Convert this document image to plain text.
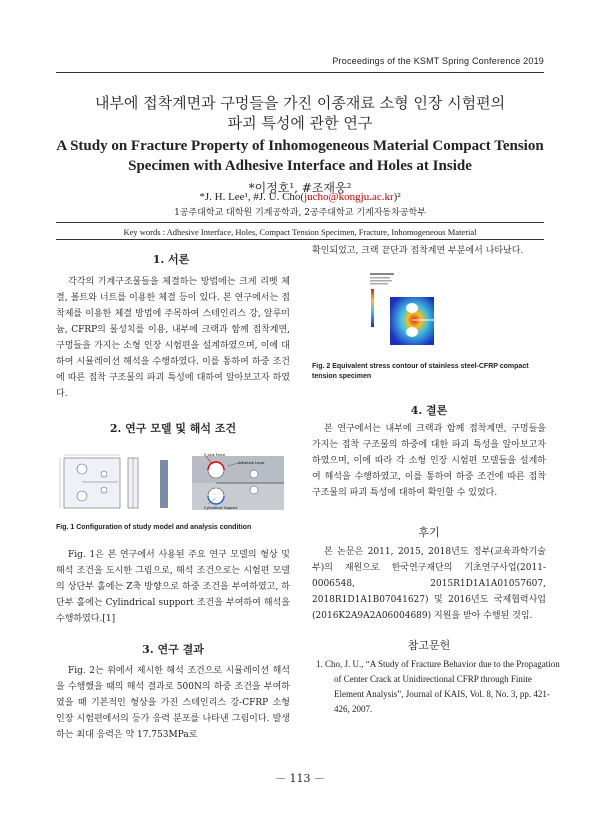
Proceedings of the KSMT Spring Conference 2019
내부에 접착계면과 구멍들을 가진 이종재료 소형 인장 시험편의
파괴 특성에 관한 연구
A Study on Fracture Property of Inhomogeneous Material Compact Tension
Specimen with Adhesive Interface and Holes at Inside
*이정호¹, #조재웅²
*J. H. Lee¹, #J. U. Cho(jucho@kongju.ac.kr)²
1공주대학교 대학원 기계공학과, 2공주대학교 기계자동차공학부
Key words : Adhesive Interface, Holes, Compact Tension Specimen, Fracture, Inhomogeneous Material
1. 서론
각각의 기계구조물들을 체결하는 방법에는 크게 리벳 체결, 볼트와 너트를 이용한 체결 등이 있다. 본 연구에서는 접착제를 이용한 체결 방법에 주목하여 스테인리스 강, 알루미늄, CFRP의 물성치를 이용, 내부에 크랙과 함께 접착계면, 구멍들을 가지는 소형 인장 시험편을 설계하였으며, 이에 대하여 시뮬레이션 해석을 수행하였다. 이를 통하여 하중 조건에 따른 접착 구조물의 파괴 특성에 대하여 알아보고자 하였다.
2. 연구 모델 및 해석 조건
Z axis Force
Adhesive Layer
Cylindrical Support
Fig. 1 Configuration of study model and analysis condition
Fig. 1은 본 연구에서 사용된 주요 연구 모델의 형상 및 해석 조건을 도시한 그림으로, 해석 조건으로는 시험편 모델의 상단부 홀에는 Z축 방향으로 하중 조건을 부여하였고, 하단부 홀에는 Cylindrical support 조건을 부여하여 해석을 수행하였다.[1]
3. 연구 결과
Fig. 2는 위에서 제시한 해석 조건으로 시뮬레이션 해석을 수행했을 때의 해석 결과로 500N의 하중 조건을 부여하였을 때 기본적인 형상을 가진 스테인리스 강-CFRP 소형 인장 시험편에서의 등가 응력 분포를 나타낸 그림이다. 발생하는 최대 응력은 약 17.753MPa로
확인되었고, 크랙 끝단과 접착계면 부분에서 나타났다.
Fig. 2 Equivalent stress contour of stainless steel-CFRP compact tension specimen
4. 결론
본 연구에서는 내부에 크랙과 함께 접착계면, 구멍들을 가지는 접착 구조물의 하중에 대한 파괴 특성을 알아보고자 하였으며, 이에 따라 각 소형 인장 시험편 모델들을 설계하여 해석을 수행하였고, 이를 통하여 하중 조건에 따른 접착 구조물의 파괴 특성에 대하여 확인할 수 있었다.
후기
본 논문은 2011, 2015, 2018년도 정부(교육과학기술부)의 재원으로 한국연구재단의 기초연구사업(2011-0006548, 2015R1D1A1A01057607, 2018R1D1A1B07041627) 및 2016년도 국제협력사업(2016K2A9A2A06004689) 지원을 받아 수행된 것임.
참고문헌
1. Cho, J. U., “A Study of Fracture Behavior due to the Propagation of Center Crack at Unidirectional CFRP through Finite Element Analysis”, Journal of KAIS, Vol. 8, No. 3, pp. 421-426, 2007.
－ 113 －
